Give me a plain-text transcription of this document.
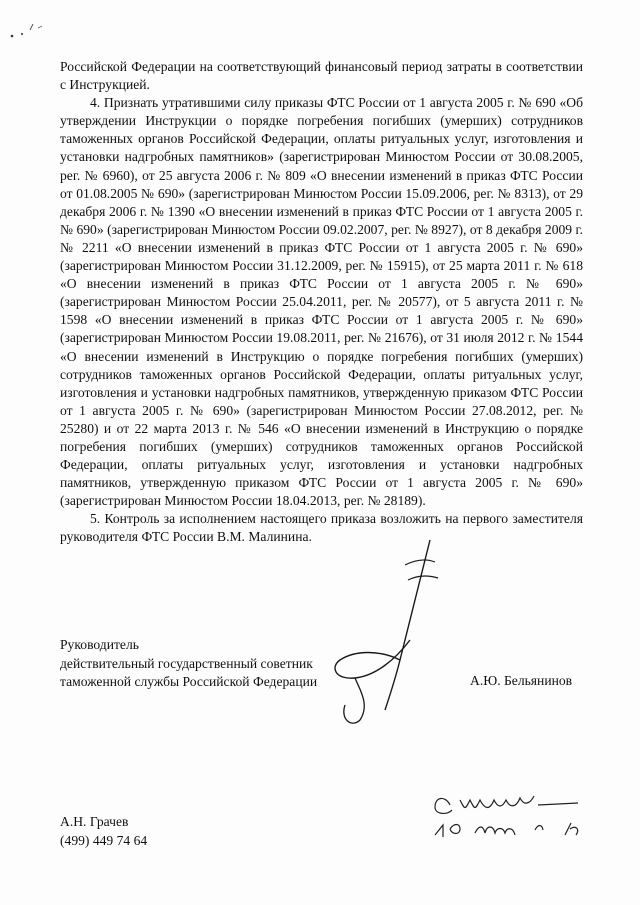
Российской Федерации на соответствующий финансовый период затраты в соответствии с Инструкцией.

4. Признать утратившими силу приказы ФТС России от 1 августа 2005 г. № 690 «Об утверждении Инструкции о порядке погребения погибших (умерших) сотрудников таможенных органов Российской Федерации, оплаты ритуальных услуг, изготовления и установки надгробных памятников» (зарегистрирован Минюстом России от 30.08.2005, рег. № 6960), от 25 августа 2006 г. № 809 «О внесении изменений в приказ ФТС России от 01.08.2005 № 690» (зарегистрирован Минюстом России 15.09.2006, рег. № 8313), от 29 декабря 2006 г. № 1390 «О внесении изменений в приказ ФТС России от 1 августа 2005 г. № 690» (зарегистрирован Минюстом России 09.02.2007, рег. № 8927), от 8 декабря 2009 г. № 2211 «О внесении изменений в приказ ФТС России от 1 августа 2005 г. № 690» (зарегистрирован Минюстом России 31.12.2009, рег. № 15915), от 25 марта 2011 г. № 618 «О внесении изменений в приказ ФТС России от 1 августа 2005 г. № 690» (зарегистрирован Минюстом России 25.04.2011, рег. № 20577), от 5 августа 2011 г. № 1598 «О внесении изменений в приказ ФТС России от 1 августа 2005 г. № 690» (зарегистрирован Минюстом России 19.08.2011, рег. № 21676), от 31 июля 2012 г. № 1544 «О внесении изменений в Инструкцию о порядке погребения погибших (умерших) сотрудников таможенных органов Российской Федерации, оплаты ритуальных услуг, изготовления и установки надгробных памятников, утвержденную приказом ФТС России от 1 августа 2005 г. № 690» (зарегистрирован Минюстом России 27.08.2012, рег. № 25280) и от 22 марта 2013 г. № 546 «О внесении изменений в Инструкцию о порядке погребения погибших (умерших) сотрудников таможенных органов Российской Федерации, оплаты ритуальных услуг, изготовления и установки надгробных памятников, утвержденную приказом ФТС России от 1 августа 2005 г. № 690» (зарегистрирован Минюстом России 18.04.2013, рег. № 28189).

5. Контроль за исполнением настоящего приказа возложить на первого заместителя руководителя ФТС России В.М. Малинина.

Руководитель
действительный государственный советник
таможенной службы Российской Федерации	А.Ю. Бельянинов
А.Н. Грачев
(499) 449 74 64
